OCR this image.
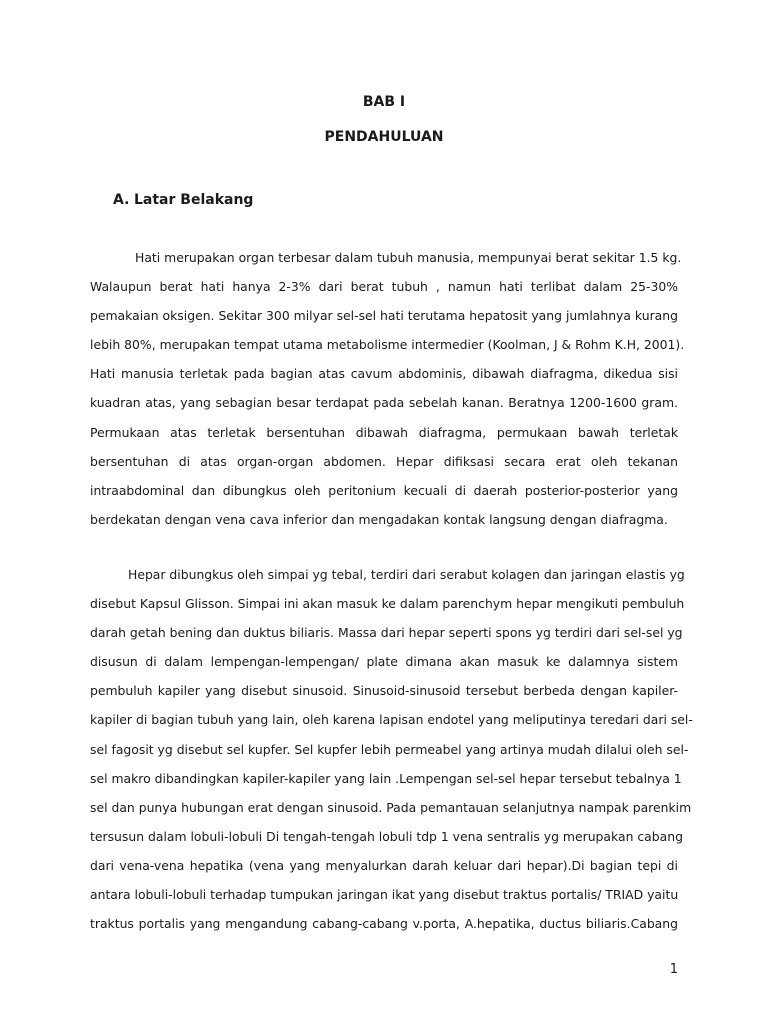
BAB I
PENDAHULUAN
A. Latar Belakang
Hati merupakan organ terbesar dalam tubuh manusia, mempunyai berat sekitar 1.5 kg.
Walaupun berat hati hanya 2-3% dari berat tubuh , namun hati terlibat dalam 25-30%
pemakaian oksigen. Sekitar 300 milyar sel-sel hati terutama hepatosit yang jumlahnya kurang
lebih 80%, merupakan tempat utama metabolisme intermedier (Koolman, J & Rohm K.H, 2001).
Hati manusia terletak pada bagian atas cavum abdominis, dibawah diafragma, dikedua sisi
kuadran atas, yang sebagian besar terdapat pada sebelah kanan. Beratnya 1200-1600 gram.
Permukaan atas terletak bersentuhan dibawah diafragma, permukaan bawah terletak
bersentuhan di atas organ-organ abdomen. Hepar difiksasi secara erat oleh tekanan
intraabdominal dan dibungkus oleh peritonium kecuali di daerah posterior-posterior yang
berdekatan dengan vena cava inferior dan mengadakan kontak langsung dengan diafragma.
Hepar dibungkus oleh simpai yg tebal, terdiri dari serabut kolagen dan jaringan elastis yg
disebut Kapsul Glisson. Simpai ini akan masuk ke dalam parenchym hepar mengikuti pembuluh
darah getah bening dan duktus biliaris. Massa dari hepar seperti spons yg terdiri dari sel-sel yg
disusun di dalam lempengan-lempengan/ plate dimana akan masuk ke dalamnya sistem
pembuluh kapiler yang disebut sinusoid. Sinusoid-sinusoid tersebut berbeda dengan kapiler-
kapiler di bagian tubuh yang lain, oleh karena lapisan endotel yang meliputinya teredari dari sel-
sel fagosit yg disebut sel kupfer. Sel kupfer lebih permeabel yang artinya mudah dilalui oleh sel-
sel makro dibandingkan kapiler-kapiler yang lain .Lempengan sel-sel hepar tersebut tebalnya 1
sel dan punya hubungan erat dengan sinusoid. Pada pemantauan selanjutnya nampak parenkim
tersusun dalam lobuli-lobuli Di tengah-tengah lobuli tdp 1 vena sentralis yg merupakan cabang
dari vena-vena hepatika (vena yang menyalurkan darah keluar dari hepar).Di bagian tepi di
antara lobuli-lobuli terhadap tumpukan jaringan ikat yang disebut traktus portalis/ TRIAD yaitu
traktus portalis yang mengandung cabang-cabang v.porta, A.hepatika, ductus biliaris.Cabang
1
